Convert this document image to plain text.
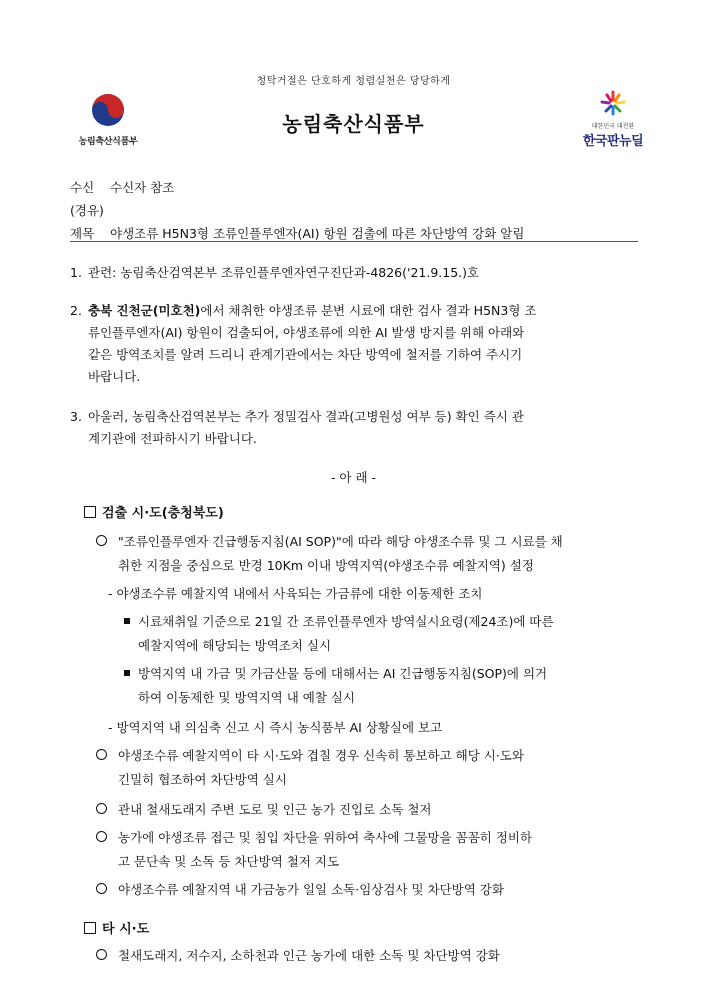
청탁거절은 단호하게 청렴실천은 당당하게
농림축산식품부
농림축산식품부	대한민국 대전환
한국판뉴딜
수신 수신자 참조
(경유)
제목 야생조류 H5N3형 조류인플루엔자(AI) 항원 검출에 따른 차단방역 강화 알림
1. 관련: 농림축산검역본부 조류인플루엔자연구진단과-4826('21.9.15.)호
2. 충북 진천군(미호천)에서 채취한 야생조류 분변 시료에 대한 검사 결과 H5N3형 조
류인플루엔자(AI) 항원이 검출되어, 야생조류에 의한 AI 발생 방지를 위해 아래와
같은 방역조치를 알려 드리니 관계기관에서는 차단 방역에 철저를 기하여 주시기
바랍니다.
3. 아울러, 농림축산검역본부는 추가 정밀검사 결과(고병원성 여부 등) 확인 즉시 관
계기관에 전파하시기 바랍니다.
- 아 래 -
검출 시·도(충청북도)
"조류인플루엔자 긴급행동지침(AI SOP)"에 따라 해당 야생조수류 및 그 시료를 채
취한 지점을 중심으로 반경 10Km 이내 방역지역(야생조수류 예찰지역) 설정
- 야생조수류 예찰지역 내에서 사육되는 가금류에 대한 이동제한 조치
시료채취일 기준으로 21일 간 조류인플루엔자 방역실시요령(제24조)에 따른
예찰지역에 해당되는 방역조치 실시
방역지역 내 가금 및 가금산물 등에 대해서는 AI 긴급행동지침(SOP)에 의거
하여 이동제한 및 방역지역 내 예찰 실시
- 방역지역 내 의심축 신고 시 즉시 농식품부 AI 상황실에 보고
야생조수류 예찰지역이 타 시·도와 겹칠 경우 신속히 통보하고 해당 시·도와
긴밀히 협조하여 차단방역 실시
관내 철새도래지 주변 도로 및 인근 농가 진입로 소독 철저
농가에 야생조류 접근 및 침입 차단을 위하여 축사에 그물망을 꼼꼼히 정비하
고 문단속 및 소독 등 차단방역 철저 지도
야생조수류 예찰지역 내 가금농가 일일 소독·임상검사 및 차단방역 강화
타 시·도
철새도래지, 저수지, 소하천과 인근 농가에 대한 소독 및 차단방역 강화
